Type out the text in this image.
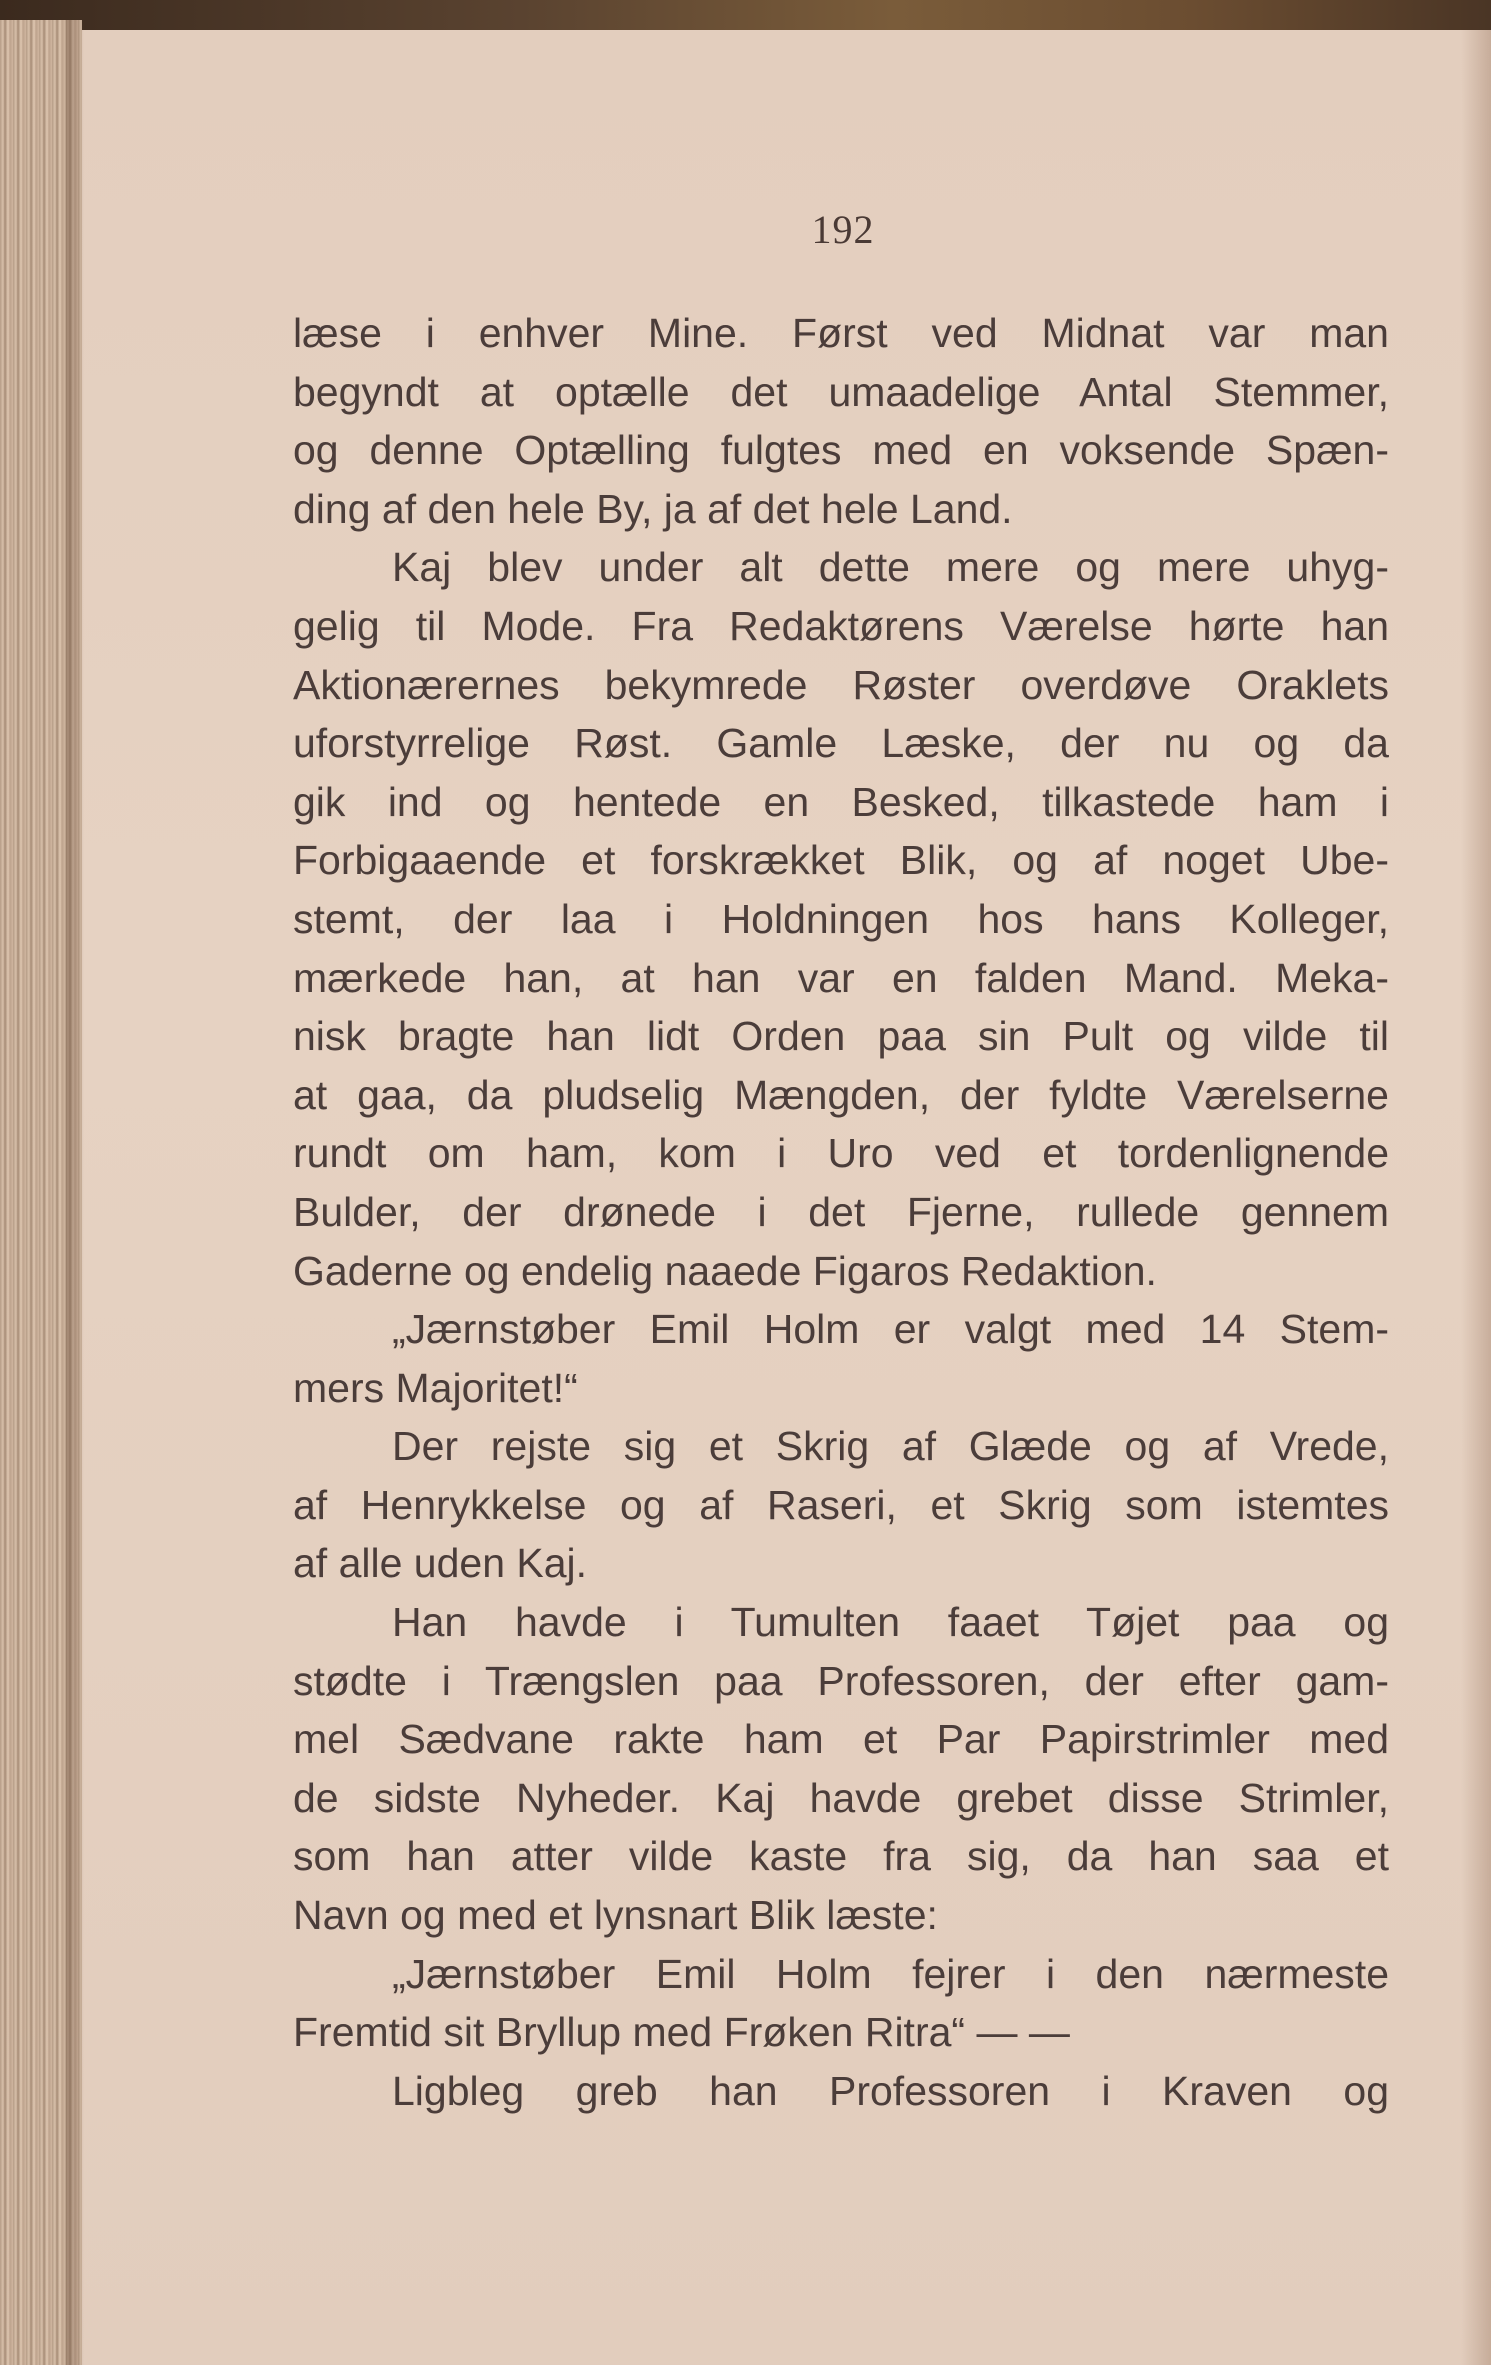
192
læse i enhver Mine. Først ved Midnat var man
begyndt at optælle det umaadelige Antal Stemmer,
og denne Optælling fulgtes med en voksende Spæn-
ding af den hele By, ja af det hele Land.
Kaj blev under alt dette mere og mere uhyg-
gelig til Mode. Fra Redaktørens Værelse hørte han
Aktionærernes bekymrede Røster overdøve Oraklets
uforstyrrelige Røst. Gamle Læske, der nu og da
gik ind og hentede en Besked, tilkastede ham i
Forbigaaende et forskrækket Blik, og af noget Ube-
stemt, der laa i Holdningen hos hans Kolleger,
mærkede han, at han var en falden Mand. Meka-
nisk bragte han lidt Orden paa sin Pult og vilde til
at gaa, da pludselig Mængden, der fyldte Værelserne
rundt om ham, kom i Uro ved et tordenlignende
Bulder, der drønede i det Fjerne, rullede gennem
Gaderne og endelig naaede Figaros Redaktion.
„Jærnstøber Emil Holm er valgt med 14 Stem-
mers Majoritet!“
Der rejste sig et Skrig af Glæde og af Vrede,
af Henrykkelse og af Raseri, et Skrig som istemtes
af alle uden Kaj.
Han havde i Tumulten faaet Tøjet paa og
stødte i Trængslen paa Professoren, der efter gam-
mel Sædvane rakte ham et Par Papirstrimler med
de sidste Nyheder. Kaj havde grebet disse Strimler,
som han atter vilde kaste fra sig, da han saa et
Navn og med et lynsnart Blik læste:
„Jærnstøber Emil Holm fejrer i den nærmeste
Fremtid sit Bryllup med Frøken Ritra“ — —
Ligbleg greb han Professoren i Kraven og
